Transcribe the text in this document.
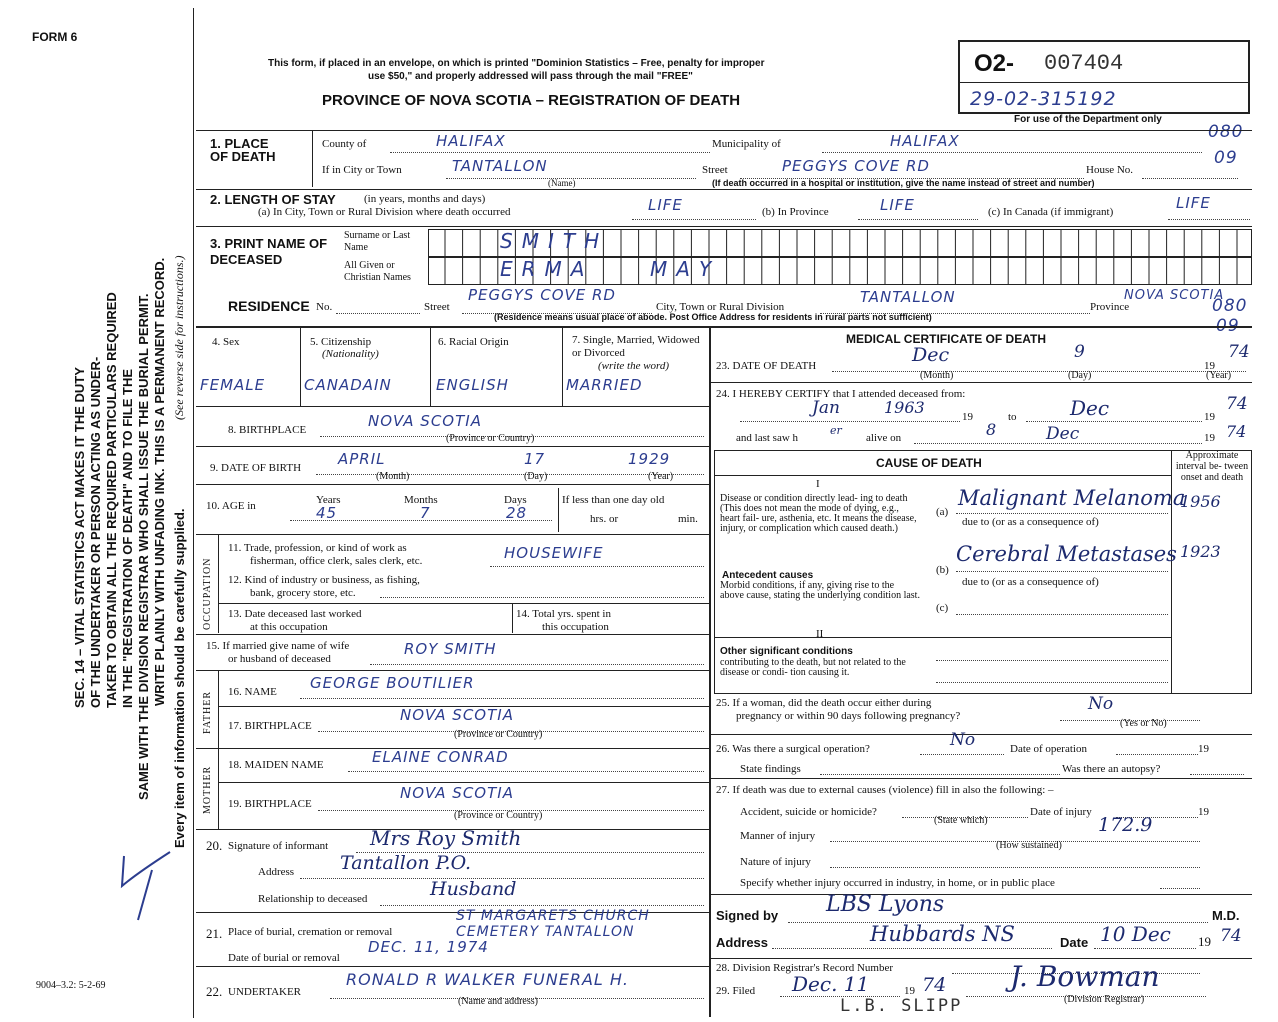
FORM 6
SEC. 14 – VITAL STATISTICS ACT MAKES IT THE DUTY OF THE UNDERTAKER OR PERSON ACTING AS UNDER- TAKER TO OBTAIN ALL THE REQUIRED PARTICULARS REQUIRED IN THE "REGISTRATION OF DEATH" AND TO FILE THE SAME WITH THE DIVISION REGISTRAR WHO SHALL ISSUE THE BURIAL PERMIT. WRITE PLAINLY WITH UNFADING INK. THIS IS A PERMANENT RECORD. (See reverse side for instructions.)
Every item of information should be carefully supplied.
9004–3.2: 5-2-69
This form, if placed in an envelope, on which is printed "Dominion Statistics – Free, penalty for improper
use $50," and properly addressed will pass through the mail "FREE"
PROVINCE OF NOVA SCOTIA – REGISTRATION OF DEATH
O2- 007404
29-02-315192
For use of the Department only
080
09
080
09
1. PLACE OF DEATH
County of	HALIFAX	Municipality of	HALIFAX
If in City or Town	TANTALLON
(Name)
Street	PEGGYS COVE RD	House No.
(If death occurred in a hospital or institution, give the name instead of street and number)
2. LENGTH OF STAY	(in years, months and days)
(a) In City, Town or Rural Division where death occurred	LIFE	(b) In Province	LIFE	(c) In Canada (if immigrant)	LIFE
3. PRINT NAME OF DECEASED
Surname or Last Name
All Given or Christian Names
SMITH
ERMA	MAY
RESIDENCE No.	Street
PEGGYS COVE RD
City, Town or Rural Division
TANTALLON
Province
NOVA SCOTIA
(Residence means usual place of abode. Post Office Address for residents in rural parts not sufficient)
4. Sex
FEMALE
5. Citizenship
(Nationality)
CANADAIN
6. Racial Origin
ENGLISH
7. Single, Married, Widowed or Divorced
(write the word)
MARRIED
8. BIRTHPLACE	NOVA SCOTIA
(Province or Country)
9. DATE OF BIRTH APRIL	17	1929
(Month)	(Day)	(Year)
10. AGE in	Years	Months	Days
45	7	28
If less than one day old
hrs. or	min.
OCCUPATION
11. Trade, profession, or kind of work as
fisherman, office clerk, sales clerk, etc.	HOUSEWIFE
12. Kind of industry or business, as fishing,
bank, grocery store, etc.
13. Date deceased last worked
at this occupation
14. Total yrs. spent in
this occupation
15. If married give name of wife
or husband of deceased
ROY SMITH
FATHER
MOTHER
16. NAME GEORGE BOUTILIER
17. BIRTHPLACE
NOVA SCOTIA
(Province or Country)
18. MAIDEN NAME	ELAINE CONRAD
19. BIRTHPLACE
NOVA SCOTIA
(Province or Country)
20. Signature of informant Mrs Roy Smith
Address Tantallon P.O.
Relationship to deceased	Husband
21. Place of burial, cremation or removal
ST MARGARETS CHURCH
CEMETERY TANTALLON
Date of burial or removal
DEC. 11, 1974
22. UNDERTAKER
RONALD R WALKER FUNERAL H.
(Name and address)
MEDICAL CERTIFICATE OF DEATH
23. DATE OF DEATH	Dec	9
19
74
(Month)	(Day)	(Year)
24. I HEREBY CERTIFY that I attended deceased from:
Jan	1963	19	to	Dec	19
74
and last saw h
er
alive on	8	Dec	19 74
CAUSE OF DEATH
Approximate interval be- tween onset and death
I
Disease or condition directly lead- ing to death (This does not mean the mode of dying, e.g., heart fail- ure, asthenia, etc. It means the disease, injury, or complication which caused death.)
(a)
Malignant Melanoma
1956
due to (or as a consequence of)
Antecedent causes
Morbid conditions, if any, giving rise to the above cause, stating the underlying condition last.
Cerebral Metastases 1923
(b)
due to (or as a consequence of)
(c)
II
Other significant conditions
contributing to the death, but not related to the disease or condi- tion causing it.
25. If a woman, did the death occur either during
pregnancy or within 90 days following pregnancy?
No
(Yes or No)
26. Was there a surgical operation?	No	Date of operation	19
State findings	Was there an autopsy?
27. If death was due to external causes (violence) fill in also the following: –
Accident, suicide or homicide?	Date of injury	19
(State which)
Manner of injury	172.9
(How sustained)
Nature of injury
Specify whether injury occurred in industry, in home, or in public place
Signed by LBS Lyons	M.D.
Address	Hubbards NS	Date 10 Dec 19 74
28. Division Registrar's Record Number
29. Filed Dec. 11	19 74 J. Bowman
(Division Registrar)
L.B. SLIPP
